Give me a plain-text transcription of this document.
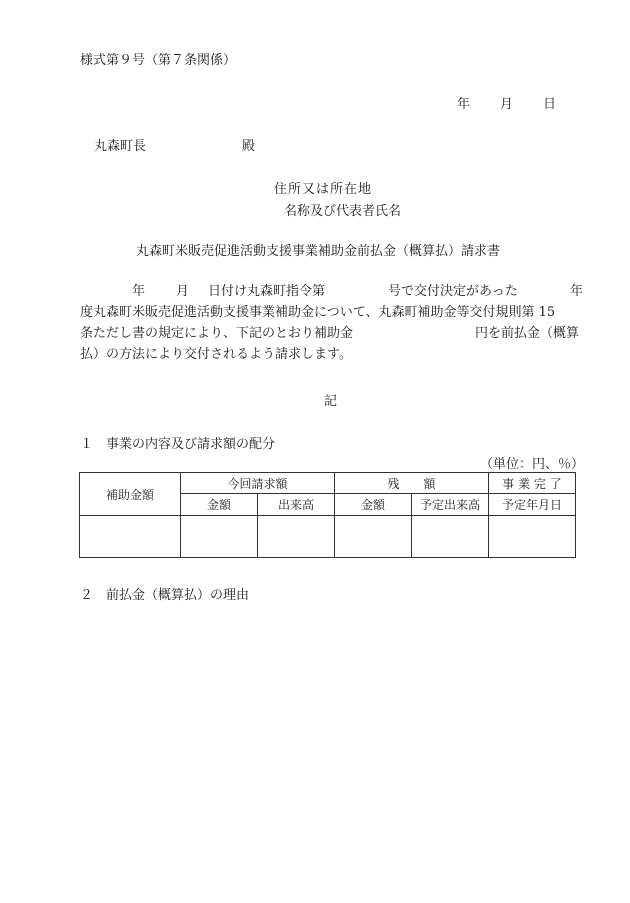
様式第９号（第７条関係）
年 月 日
丸森町長	殿
住所又は所在地
名称及び代表者氏名
丸森町米販売促進活動支援事業補助金前払金（概算払）請求書
年 月 日付け丸森町指令第	号で交付決定があった	年
度丸森町米販売促進活動支援事業補助金について、丸森町補助金等交付規則第 15
条ただし書の規定により、下記のとおり補助金	円を前払金（概算
払）の方法により交付されるよう請求します。
記
１　事業の内容及び請求額の配分
（単位：円、％）
補助金額	今回請求額		残　　額		事 業 完 了
	金額	出来高	金額	予定出来高	予定年月日

２　前払金（概算払）の理由
